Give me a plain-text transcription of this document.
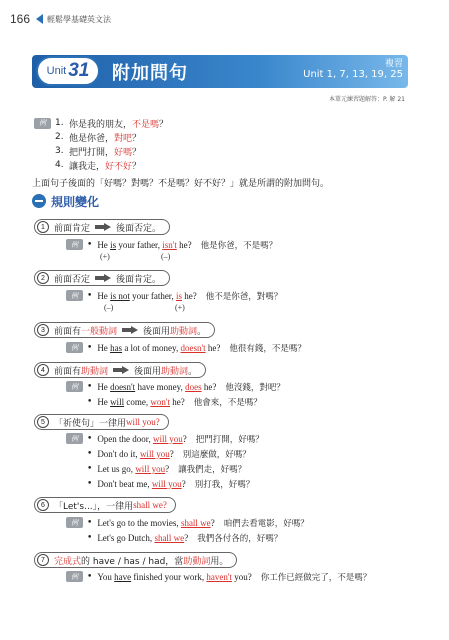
166 輕鬆學基礎英文法
Unit 31 附加問句	複習
Unit 1, 7, 13, 19, 25
本單元練習題解答：P. 解 21
例	1. 你是我的朋友， 不是嗎 ？
2. 他是你爸， 對吧 ？
3. 把門打開， 好嗎 ？
4. 讓我走， 好不好 ？
上面句子後面的「好嗎？對嗎？不是嗎？好不好？」就是所謂的附加問句。
規則變化
1	前面肯定	後面否定。
例	• He is your father, isn't he? 他是你爸，不是嗎？
(+)	(–)
2	前面否定	後面肯定。
例	• He is not your father, is he? 他不是你爸，對嗎？
(–)	(+)
3	前面有 一般動詞	後面用 助動詞 。
例	• He has a lot of money, doesn't he? 他很有錢，不是嗎？
4	前面有 助動詞	後面用 助動詞 。
例	• He doesn't have money, does he? 他沒錢，對吧？
• He will come, won't he? 他會來，不是嗎？
5	「祈使句」一律用 will you?
例	• Open the door, will you? 把門打開，好嗎？
• Don't do it, will you? 別這麼做，好嗎？
• Let us go, will you? 讓我們走，好嗎？
• Don't beat me, will you? 別打我，好嗎？
6	「Let's...」，一律用 shall we?
例	• Let's go to the movies, shall we? 咱們去看電影，好嗎？
• Let's go Dutch, shall we? 我們各付各的，好嗎？
7	完成式 的 have / has / had，當 助動詞 用。
例	• You have finished your work, haven't you? 你工作已經做完了，不是嗎？
